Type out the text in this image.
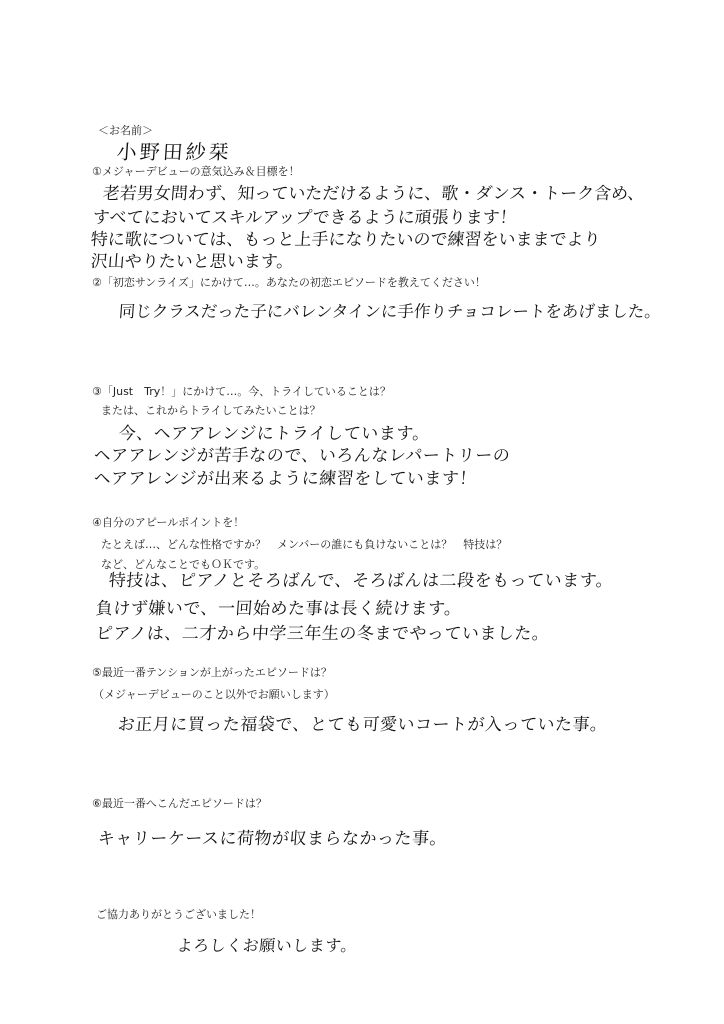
＜お名前＞
小野田紗栞
①メジャーデビューの意気込み＆目標を！
老若男女問わず、知っていただけるように、歌・ダンス・トーク含め、
すべてにおいてスキルアップできるように頑張ります！
特に歌については、もっと上手になりたいので練習をいままでより
沢山やりたいと思います。
②「初恋サンライズ」にかけて…。あなたの初恋エピソードを教えてください！
同じクラスだった子にバレンタインに手作りチョコレートをあげました。
③「Just　Try！」にかけて…。今、トライしていることは？
または、これからトライしてみたいことは？
今、ヘアアレンジにトライしています。
ヘアアレンジが苦手なので、いろんなレパートリーの
ヘアアレンジが出来るように練習をしています！
④自分のアピールポイントを！
たとえば…、どんな性格ですか？　メンバーの誰にも負けないことは？　特技は？
など、どんなことでもＯＫです。
特技は、ピアノとそろばんで、そろばんは二段をもっています。
負けず嫌いで、一回始めた事は長く続けます。
ピアノは、二才から中学三年生の冬までやっていました。
⑤最近一番テンションが上がったエピソードは？
（メジャーデビューのこと以外でお願いします）
お正月に買った福袋で、とても可愛いコートが入っていた事。
⑥最近一番へこんだエピソードは？
キャリーケースに荷物が収まらなかった事。
ご協力ありがとうございました！
よろしくお願いします。
